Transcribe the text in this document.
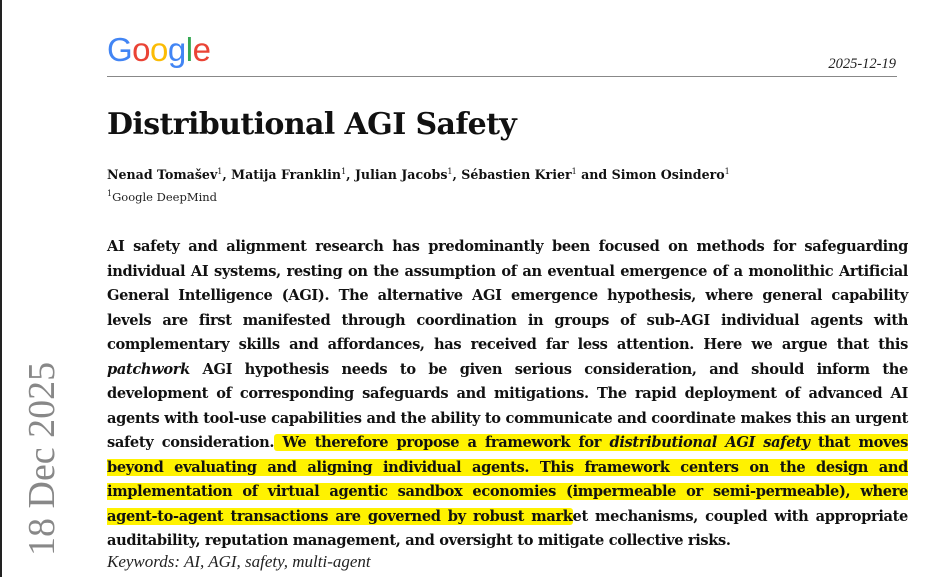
Google	2025-12-19
Distributional AGI Safety
Nenad Tomašev$^1$, Matija Franklin$^1$, Julian Jacobs$^1$, Sébastien Krier$^1$ and Simon Osindero$^1$
$^1$Google DeepMind

AI safety and alignment research has predominantly been focused on methods for safeguarding individual AI systems, resting on the assumption of an eventual emergence of a monolithic Artificial General Intelligence (AGI). The alternative AGI emergence hypothesis, where general capability levels are first manifested through coordination in groups of sub-AGI individual agents with complementary skills and affordances, has received far less attention. Here we argue that this patchwork AGI hypothesis needs to be given serious consideration, and should inform the development of corresponding safeguards and mitigations. The rapid deployment of advanced AI agents with tool-use capabilities and the ability to communicate and coordinate makes this an urgent safety consideration. We therefore propose a framework for distributional AGI safety that moves beyond evaluating and aligning individual agents. This framework centers on the design and implementation of virtual agentic sandbox economies (impermeable or semi-permeable), where agent-to-agent transactions are governed by robust market mechanisms, coupled with appropriate auditability, reputation management, and oversight to mitigate collective risks.

Keywords: AI, AGI, safety, multi-agent
18 Dec 2025
